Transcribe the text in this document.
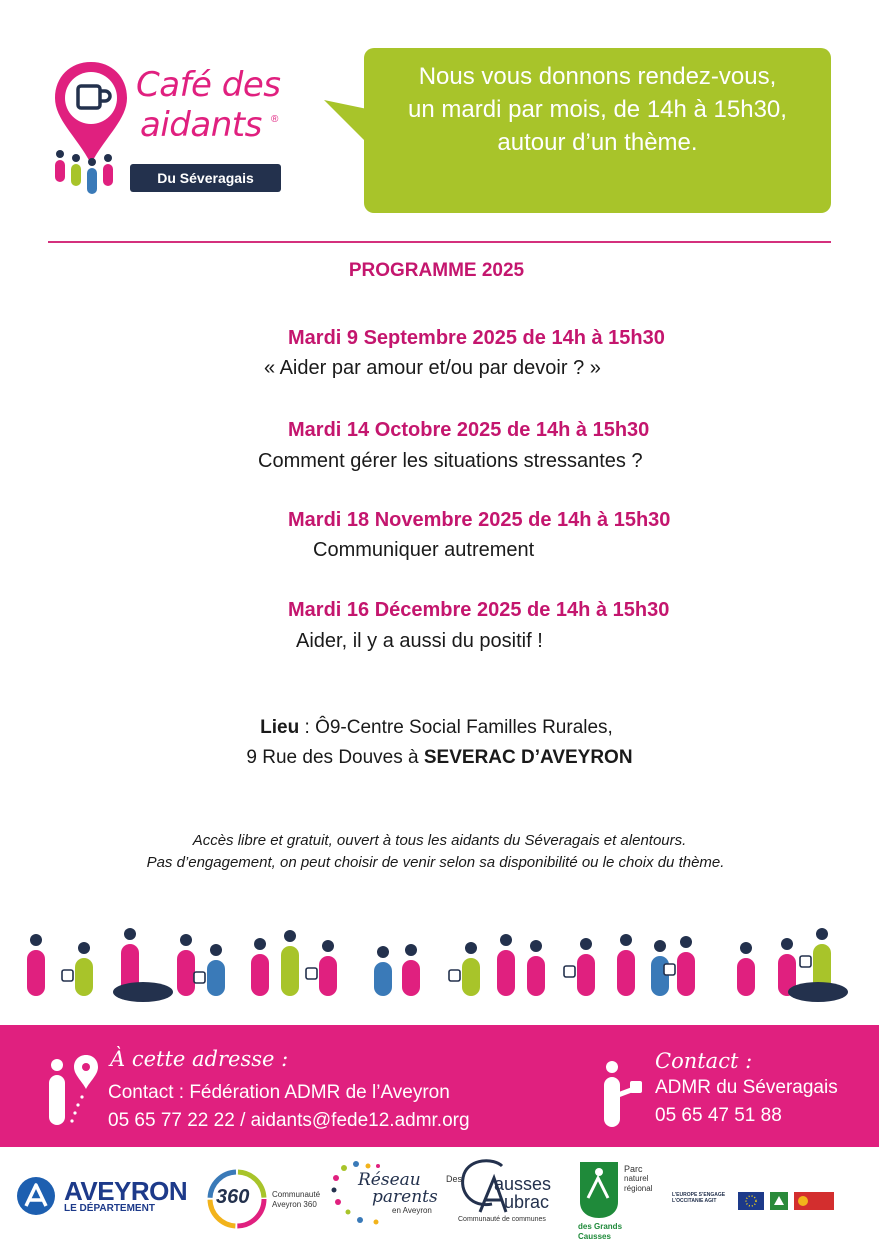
Café des
aidants ®
Du Séveragais
Nous vous donnons rendez-vous,
un mardi par mois, de 14h à 15h30,
autour d’un thème.
PROGRAMME 2025
Mardi 9 Septembre 2025 de 14h à 15h30
« Aider par amour et/ou par devoir ? »
Mardi 14 Octobre 2025 de 14h à 15h30
Comment gérer les situations stressantes ?
Mardi 18 Novembre 2025 de 14h à 15h30
Communiquer autrement
Mardi 16 Décembre 2025 de 14h à 15h30
Aider, il y a aussi du positif !
Lieu : Ô9-Centre Social Familles Rurales,
9 Rue des Douves à SEVERAC D’AVEYRON
Accès libre et gratuit, ouvert à tous les aidants du Séveragais et alentours.
Pas d’engagement, on peut choisir de venir selon sa disponibilité ou le choix du thème.
À cette adresse :
Contact : Fédération ADMR de l’Aveyron
05 65 77 22 22 / aidants@fede12.admr.org
Contact :
ADMR du Séveragais
05 65 47 51 88
AVEYRON
LE DÉPARTEMENT
360	Communauté
Aveyron 360
Réseau
parents
en Aveyron
Des ausses
ubrac
Communauté de communes
Parc
naturel
régional
des Grands Causses
L’EUROPE S’ENGAGE L’OCCITANIE AGIT
